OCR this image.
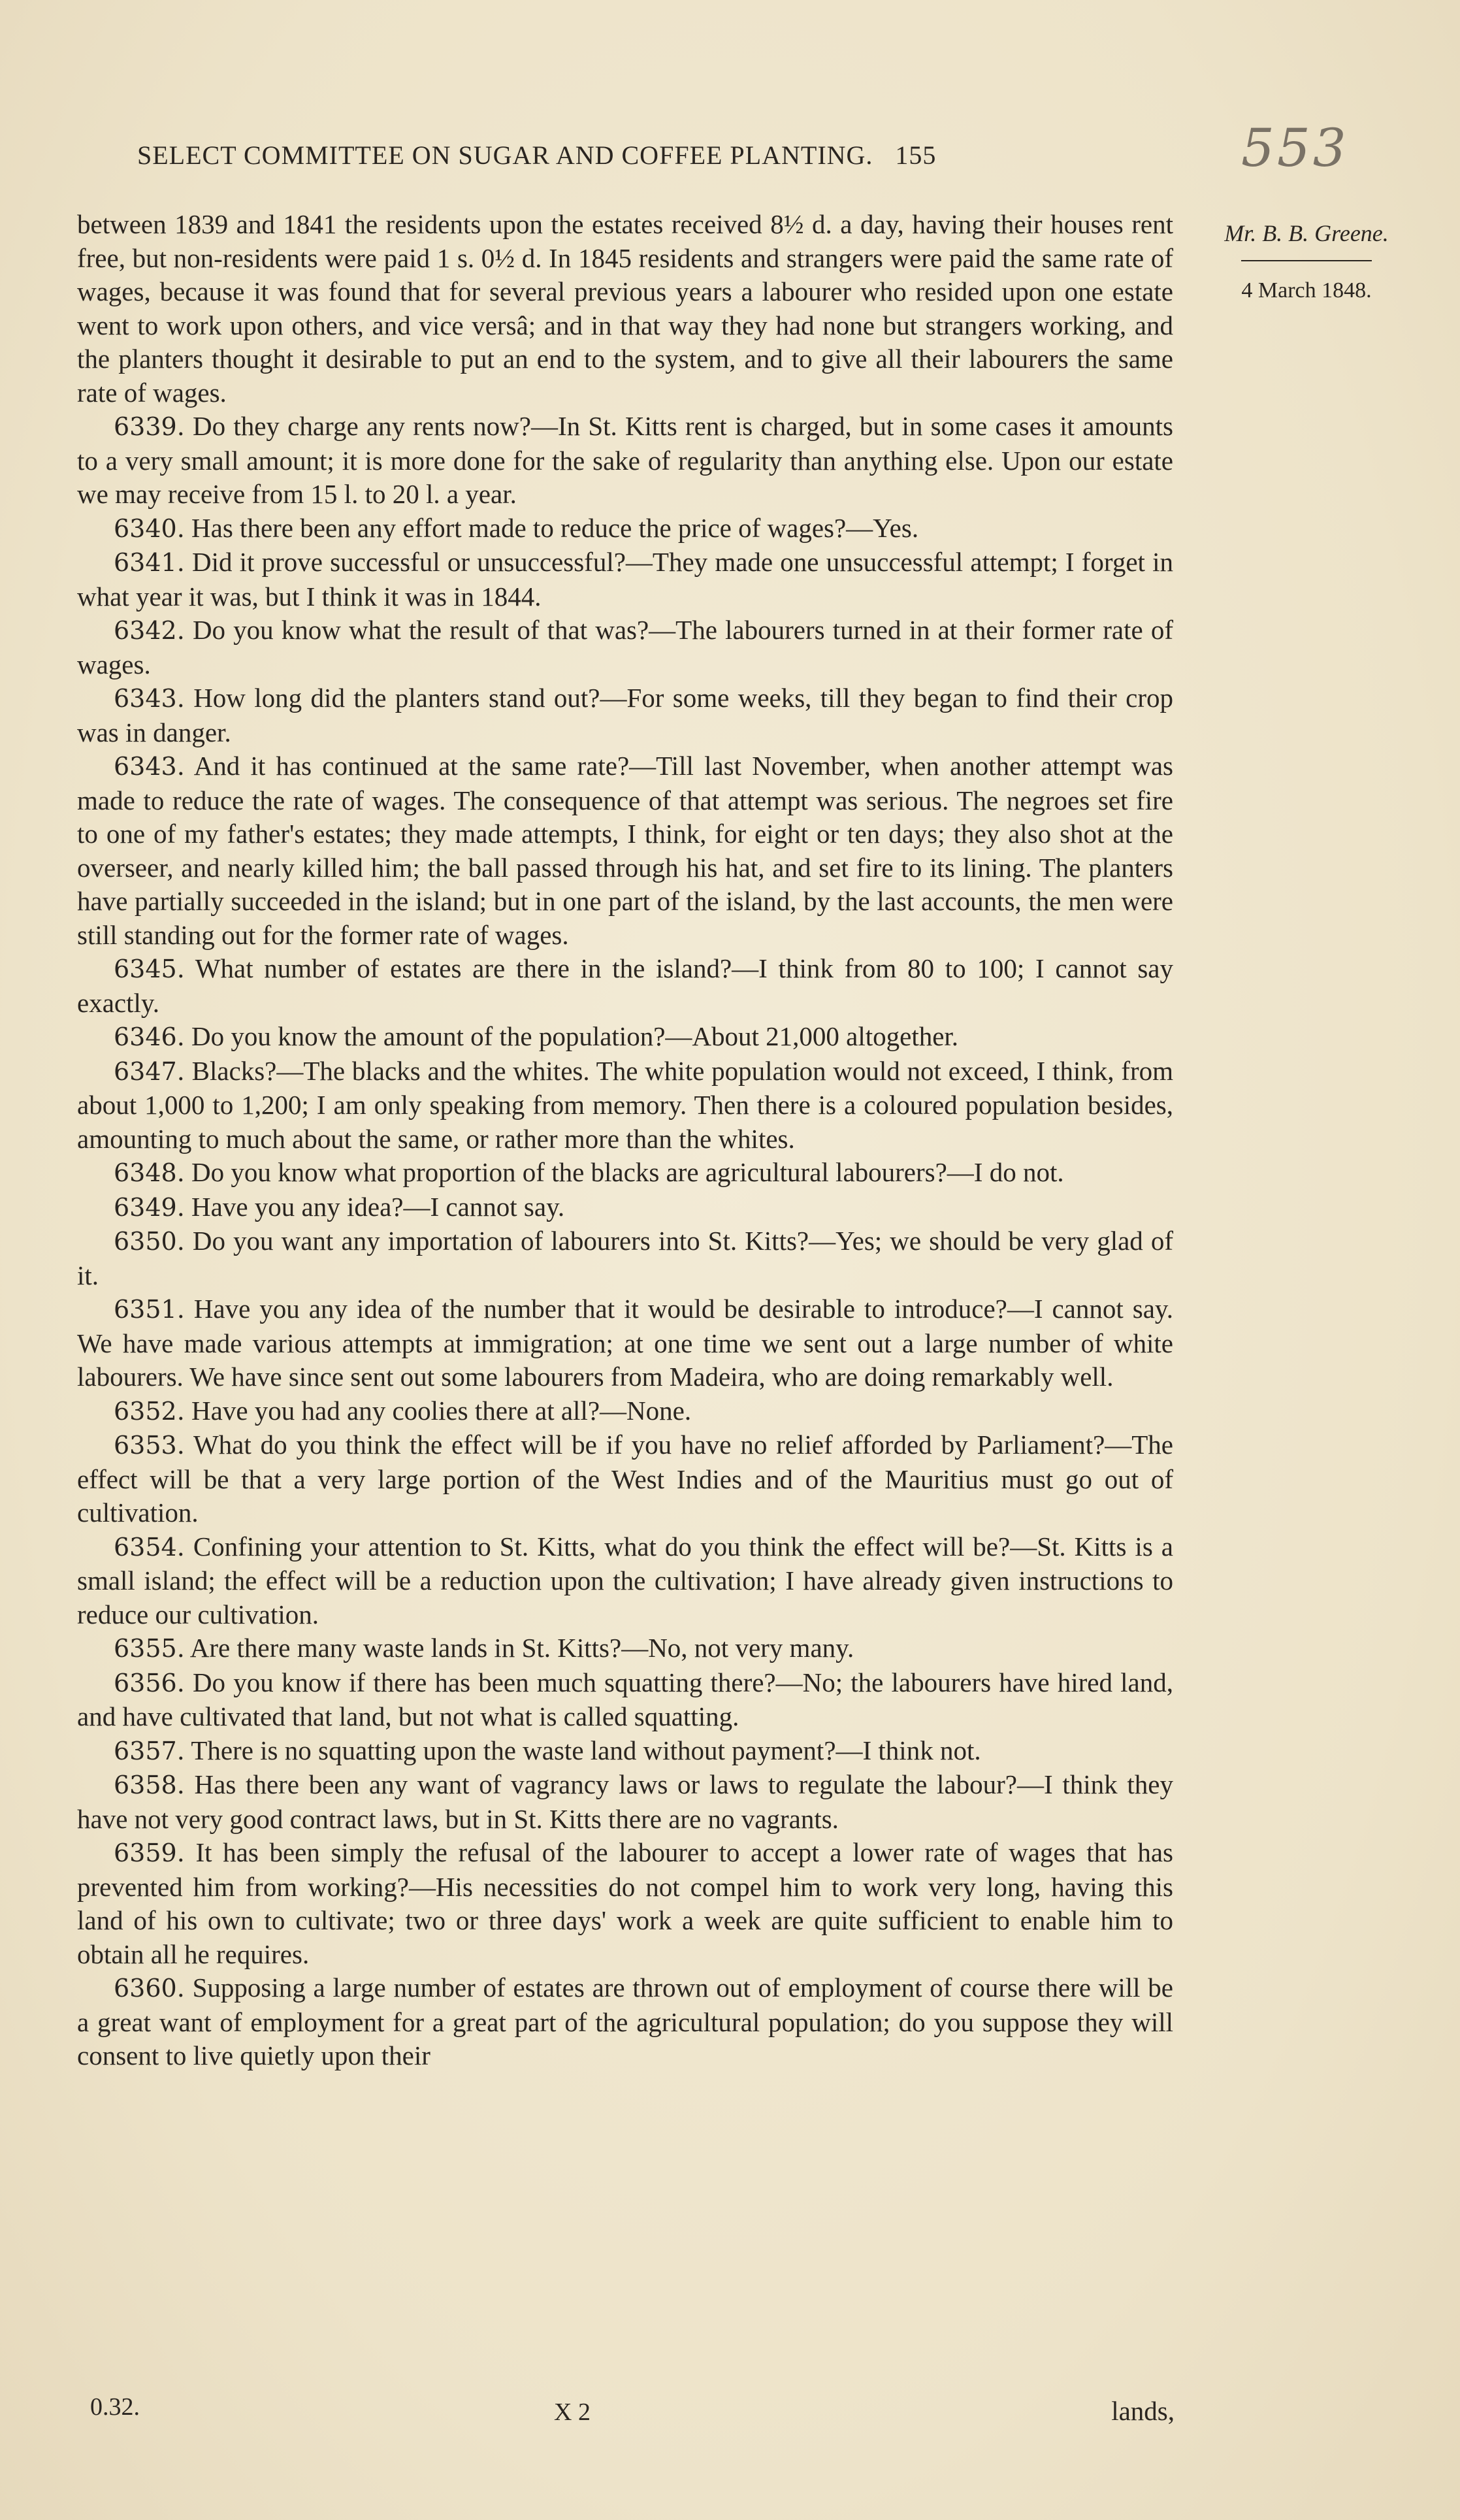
SELECT COMMITTEE ON SUGAR AND COFFEE PLANTING. 155	553
Mr. B. B. Greene.
4 March 1848.

between 1839 and 1841 the residents upon the estates received 8½ d. a day, having their houses rent free, but non-residents were paid 1 s. 0½ d. In 1845 residents and strangers were paid the same rate of wages, because it was found that for several previous years a labourer who resided upon one estate went to work upon others, and vice versâ; and in that way they had none but strangers working, and the planters thought it desirable to put an end to the system, and to give all their labourers the same rate of wages.

6339. Do they charge any rents now?—In St. Kitts rent is charged, but in some cases it amounts to a very small amount; it is more done for the sake of regularity than anything else. Upon our estate we may receive from 15 l. to 20 l. a year.

6340. Has there been any effort made to reduce the price of wages?—Yes.

6341. Did it prove successful or unsuccessful?—They made one unsuccessful attempt; I forget in what year it was, but I think it was in 1844.

6342. Do you know what the result of that was?—The labourers turned in at their former rate of wages.

6343. How long did the planters stand out?—For some weeks, till they began to find their crop was in danger.

6343. And it has continued at the same rate?—Till last November, when another attempt was made to reduce the rate of wages. The consequence of that attempt was serious. The negroes set fire to one of my father's estates; they made attempts, I think, for eight or ten days; they also shot at the overseer, and nearly killed him; the ball passed through his hat, and set fire to its lining. The planters have partially succeeded in the island; but in one part of the island, by the last accounts, the men were still standing out for the former rate of wages.

6345. What number of estates are there in the island?—I think from 80 to 100; I cannot say exactly.

6346. Do you know the amount of the population?—About 21,000 altogether.

6347. Blacks?—The blacks and the whites. The white population would not exceed, I think, from about 1,000 to 1,200; I am only speaking from memory. Then there is a coloured population besides, amounting to much about the same, or rather more than the whites.

6348. Do you know what proportion of the blacks are agricultural labourers?—I do not.

6349. Have you any idea?—I cannot say.

6350. Do you want any importation of labourers into St. Kitts?—Yes; we should be very glad of it.

6351. Have you any idea of the number that it would be desirable to introduce?—I cannot say. We have made various attempts at immigration; at one time we sent out a large number of white labourers. We have since sent out some labourers from Madeira, who are doing remarkably well.

6352. Have you had any coolies there at all?—None.

6353. What do you think the effect will be if you have no relief afforded by Parliament?—The effect will be that a very large portion of the West Indies and of the Mauritius must go out of cultivation.

6354. Confining your attention to St. Kitts, what do you think the effect will be?—St. Kitts is a small island; the effect will be a reduction upon the cultivation; I have already given instructions to reduce our cultivation.

6355. Are there many waste lands in St. Kitts?—No, not very many.

6356. Do you know if there has been much squatting there?—No; the labourers have hired land, and have cultivated that land, but not what is called squatting.

6357. There is no squatting upon the waste land without payment?—I think not.

6358. Has there been any want of vagrancy laws or laws to regulate the labour?—I think they have not very good contract laws, but in St. Kitts there are no vagrants.

6359. It has been simply the refusal of the labourer to accept a lower rate of wages that has prevented him from working?—His necessities do not compel him to work very long, having this land of his own to cultivate; two or three days' work a week are quite sufficient to enable him to obtain all he requires.

6360. Supposing a large number of estates are thrown out of employment of course there will be a great want of employment for a great part of the agricultural population; do you suppose they will consent to live quietly upon their

0.32.	X 2	lands,
